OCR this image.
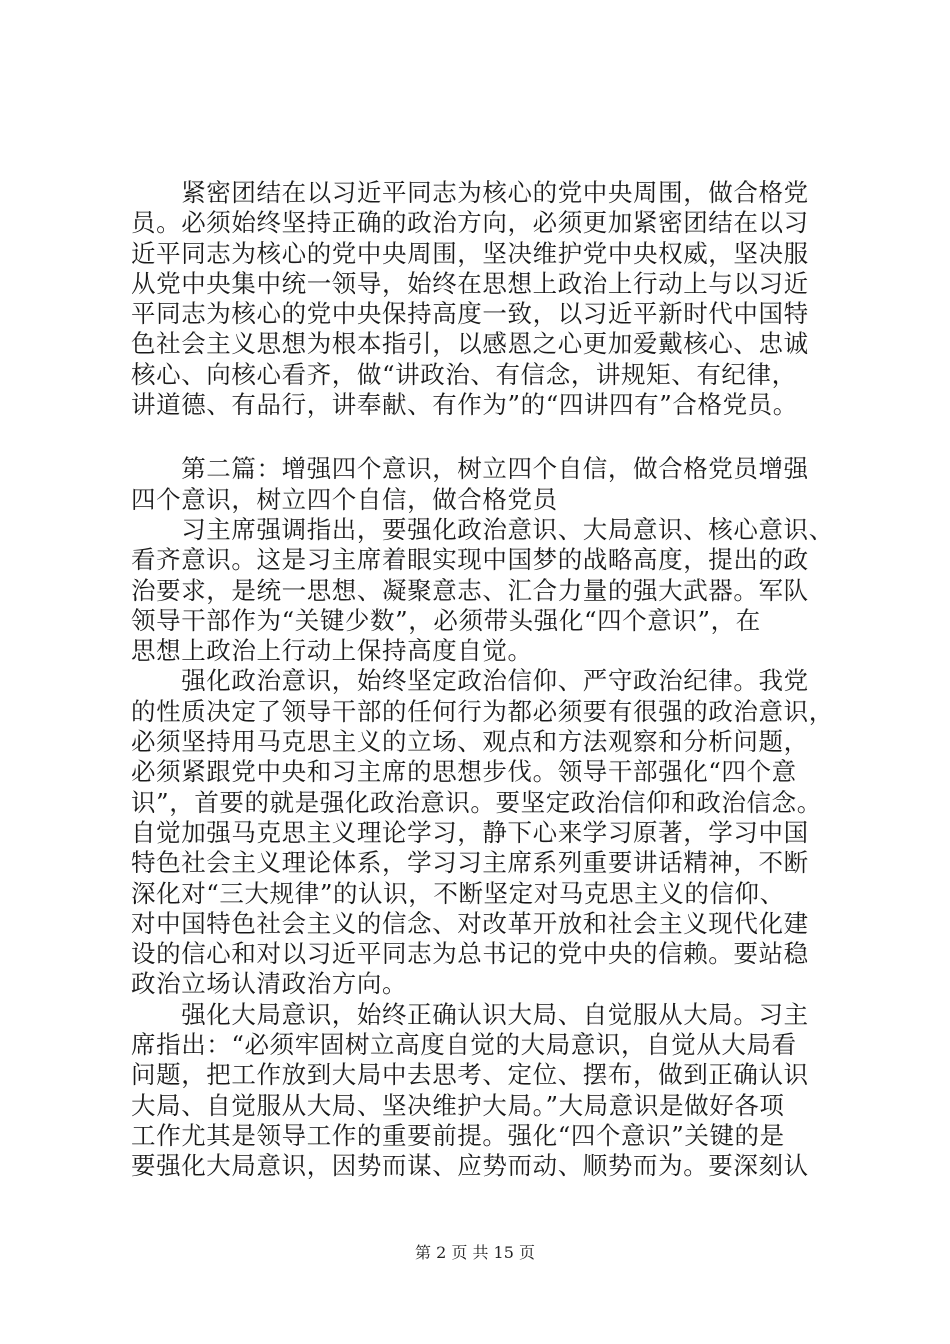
　　紧密团结在以习近平同志为核心的党中央周围，做合格党
员。必须始终坚持正确的政治方向，必须更加紧密团结在以习
近平同志为核心的党中央周围，坚决维护党中央权威，坚决服
从党中央集中统一领导，始终在思想上政治上行动上与以习近
平同志为核心的党中央保持高度一致，以习近平新时代中国特
色社会主义思想为根本指引，以感恩之心更加爱戴核心、忠诚
核心、向核心看齐，做“讲政治、有信念，讲规矩、有纪律，
讲道德、有品行，讲奉献、有作为”的“四讲四有”合格党员。
　　第二篇：增强四个意识，树立四个自信，做合格党员增强
四个意识，树立四个自信，做合格党员
　　习主席强调指出，要强化政治意识、大局意识、核心意识、
看齐意识。这是习主席着眼实现中国梦的战略高度，提出的政
治要求，是统一思想、凝聚意志、汇合力量的强大武器。军队
领导干部作为“关键少数”，必须带头强化“四个意识”，在
思想上政治上行动上保持高度自觉。
　　强化政治意识，始终坚定政治信仰、严守政治纪律。我党
的性质决定了领导干部的任何行为都必须要有很强的政治意识，
必须坚持用马克思主义的立场、观点和方法观察和分析问题，
必须紧跟党中央和习主席的思想步伐。领导干部强化“四个意
识”，首要的就是强化政治意识。要坚定政治信仰和政治信念。
自觉加强马克思主义理论学习，静下心来学习原著，学习中国
特色社会主义理论体系，学习习主席系列重要讲话精神，不断
深化对“三大规律”的认识，不断坚定对马克思主义的信仰、
对中国特色社会主义的信念、对改革开放和社会主义现代化建
设的信心和对以习近平同志为总书记的党中央的信赖。要站稳
政治立场认清政治方向。
　　强化大局意识，始终正确认识大局、自觉服从大局。习主
席指出：“必须牢固树立高度自觉的大局意识，自觉从大局看
问题，把工作放到大局中去思考、定位、摆布，做到正确认识
大局、自觉服从大局、坚决维护大局。”大局意识是做好各项
工作尤其是领导工作的重要前提。强化“四个意识”关键的是
要强化大局意识，因势而谋、应势而动、顺势而为。要深刻认
第 2 页 共 15 页
